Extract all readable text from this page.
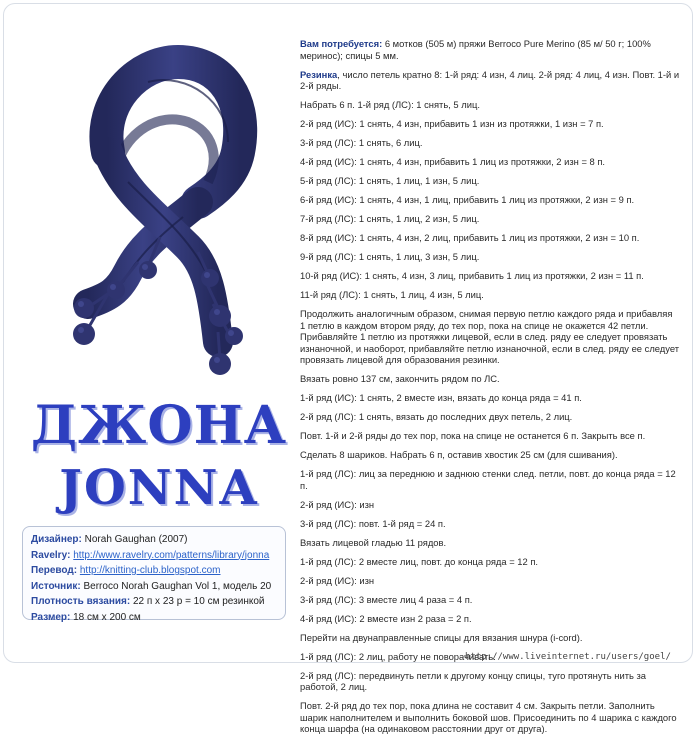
ДЖОНА
JONNA
Дизайнер: Norah Gaughan (2007)
Ravelry: http://www.ravelry.com/patterns/library/jonna
Перевод: http://knitting-club.blogspot.com
Источник: Berroco Norah Gaughan Vol 1, модель 20
Плотность вязания: 22 п х 23 р = 10 см резинкой
Размер: 18 см х 200 см

Вам потребуется: 6 мотков (505 м) пряжи Berroco Pure Merino (85 м/ 50 г; 100% меринос); спицы 5 мм.

Резинка, число петель кратно 8: 1-й ряд: 4 изн, 4 лиц. 2-й ряд: 4 лиц, 4 изн. Повт. 1-й и 2-й ряды.

Набрать 6 п. 1-й ряд (ЛС): 1 снять, 5 лиц.

2-й ряд (ИС): 1 снять, 4 изн, прибавить 1 изн из протяжки, 1 изн = 7 п.

3-й ряд (ЛС): 1 снять, 6 лиц.

4-й ряд (ИС): 1 снять, 4 изн, прибавить 1 лиц из протяжки, 2 изн = 8 п.

5-й ряд (ЛС): 1 снять, 1 лиц, 1 изн, 5 лиц.

6-й ряд (ИС): 1 снять, 4 изн, 1 лиц, прибавить 1 лиц из протяжки, 2 изн = 9 п.

7-й ряд (ЛС): 1 снять, 1 лиц, 2 изн, 5 лиц.

8-й ряд (ИС): 1 снять, 4 изн, 2 лиц, прибавить 1 лиц из протяжки, 2 изн = 10 п.

9-й ряд (ЛС): 1 снять, 1 лиц, 3 изн, 5 лиц.

10-й ряд (ИС): 1 снять, 4 изн, 3 лиц, прибавить 1 лиц из протяжки, 2 изн = 11 п.

11-й ряд (ЛС): 1 снять, 1 лиц, 4 изн, 5 лиц.

Продолжить аналогичным образом, снимая первую петлю каждого ряда и прибавляя 1 петлю в каждом втором ряду, до тех пор, пока на спице не окажется 42 петли. Прибавляйте 1 петлю из протяжки лицевой, если в след. ряду ее следует провязать изнаночной, и наоборот, прибавляйте петлю изнаночной, если в след. ряду ее следует провязать лицевой для образования резинки.

Вязать ровно 137 см, закончить рядом по ЛС.

1-й ряд (ИС): 1 снять, 2 вместе изн, вязать до конца ряда = 41 п.

2-й ряд (ЛС): 1 снять, вязать до последних двух петель, 2 лиц.

Повт. 1-й и 2-й ряды до тех пор, пока на спице не останется 6 п. Закрыть все п.

Сделать 8 шариков. Набрать 6 п, оставив хвостик 25 см (для сшивания).

1-й ряд (ЛС): лиц за переднюю и заднюю стенки след. петли, повт. до конца ряда = 12 п.

2-й ряд (ИС): изн

3-й ряд (ЛС): повт. 1-й ряд = 24 п.

Вязать лицевой гладью 11 рядов.

1-й ряд (ЛС): 2 вместе лиц, повт. до конца ряда = 12 п.

2-й ряд (ИС): изн

3-й ряд (ЛС): 3 вместе лиц 4 раза = 4 п.

4-й ряд (ИС): 2 вместе изн 2 раза = 2 п.

Перейти на двунаправленные спицы для вязания шнура (i-cord).

1-й ряд (ЛС): 2 лиц, работу не поворачивать.

2-й ряд (ЛС): передвинуть петли к другому концу спицы, туго протянуть нить за работой, 2 лиц.

Повт. 2-й ряд до тех пор, пока длина не составит 4 см. Закрыть петли. Заполнить шарик наполнителем и выполнить боковой шов. Присоединить по 4 шарика с каждого конца шарфа (на одинаковом расстоянии друг от друга).

http://www.liveinternet.ru/users/goel/
